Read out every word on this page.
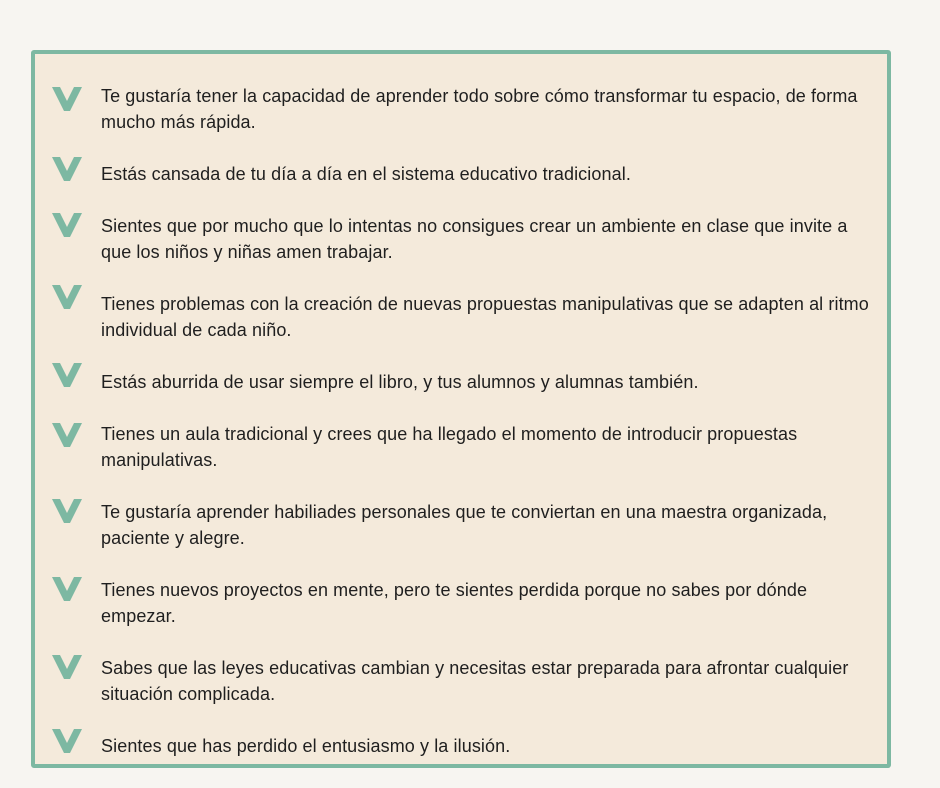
Te gustaría tener la capacidad de aprender todo sobre cómo transformar tu espacio, de forma mucho más rápida.
Estás cansada de tu día a día en el sistema educativo tradicional.
Sientes que por mucho que lo intentas no consigues crear un ambiente en clase que invite a que los niños y niñas amen trabajar.
Tienes problemas con la creación de nuevas propuestas manipulativas que se adapten al ritmo individual de cada niño.
Estás aburrida de usar siempre el libro, y tus alumnos y alumnas también.
Tienes un aula tradicional y crees que ha llegado el momento de introducir propuestas manipulativas.
Te gustaría aprender habiliades personales que te conviertan en una maestra organizada, paciente y alegre.
Tienes nuevos proyectos en mente, pero te sientes perdida porque no sabes por dónde empezar.
Sabes que las leyes educativas cambian y necesitas estar preparada para afrontar cualquier situación complicada.
Sientes que has perdido el entusiasmo y la ilusión.
